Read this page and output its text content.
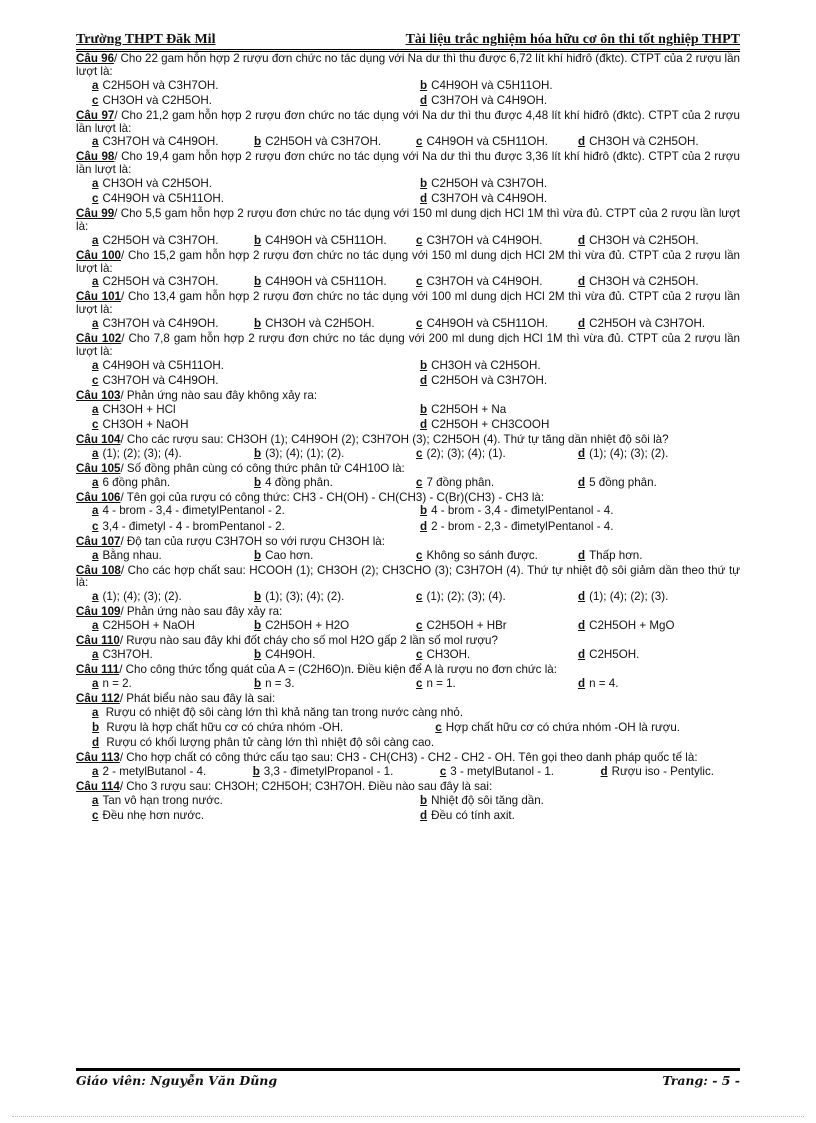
Trường THPT Đăk Mil	Tài liệu trắc nghiệm hóa hữu cơ ôn thi tốt nghiệp THPT
Câu 96/ Cho 22 gam hỗn hợp 2 rượu đơn chức no tác dụng với Na dư thì thu được 6,72 lít khí hiđrô (đktc). CTPT của 2 rượu lần lượt là:
a C2H5OH và C3H7OH.	b C4H9OH và C5H11OH.
c CH3OH và C2H5OH.	d C3H7OH và C4H9OH.
Câu 97/ Cho 21,2 gam hỗn hợp 2 rượu đơn chức no tác dụng với Na dư thì thu được 4,48 lít khí hiđrô (đktc). CTPT của 2 rượu lần lượt là:
a C3H7OH và C4H9OH.	b C2H5OH và C3H7OH.	c C4H9OH và C5H11OH.	d CH3OH và C2H5OH.
Câu 98/ Cho 19,4 gam hỗn hợp 2 rượu đơn chức no tác dụng với Na dư thì thu được 3,36 lít khí hiđrô (đktc). CTPT của 2 rượu lần lượt là:
a CH3OH và C2H5OH.	b C2H5OH và C3H7OH.
c C4H9OH và C5H11OH.	d C3H7OH và C4H9OH.
Câu 99/ Cho 5,5 gam hỗn hợp 2 rượu đơn chức no tác dụng với 150 ml dung dịch HCl 1M thì vừa đủ. CTPT của 2 rượu lần lượt là:
a C2H5OH và C3H7OH.	b C4H9OH và C5H11OH.	c C3H7OH và C4H9OH.	d CH3OH và C2H5OH.
Câu 100/ Cho 15,2 gam hỗn hợp 2 rượu đơn chức no tác dụng với 150 ml dung dịch HCl 2M thì vừa đủ. CTPT của 2 rượu lần lượt là:
a C2H5OH và C3H7OH.	b C4H9OH và C5H11OH.	c C3H7OH và C4H9OH.	d CH3OH và C2H5OH.
Câu 101/ Cho 13,4 gam hỗn hợp 2 rượu đơn chức no tác dụng với 100 ml dung dịch HCl 2M thì vừa đủ. CTPT của 2 rượu lần lượt là:
a C3H7OH và C4H9OH.	b CH3OH và C2H5OH.	c C4H9OH và C5H11OH.	d C2H5OH và C3H7OH.
Câu 102/ Cho 7,8 gam hỗn hợp 2 rượu đơn chức no tác dụng với 200 ml dung dịch HCl 1M thì vừa đủ. CTPT của 2 rượu lần lượt là:
a C4H9OH và C5H11OH.	b CH3OH và C2H5OH.
c C3H7OH và C4H9OH.	d C2H5OH và C3H7OH.
Câu 103/ Phản ứng nào sau đây không xảy ra:
a CH3OH + HCl	b C2H5OH + Na
c CH3OH + NaOH	d C2H5OH + CH3COOH
Câu 104/ Cho các rượu sau: CH3OH (1); C4H9OH (2); C3H7OH (3); C2H5OH (4). Thứ tự tăng dần nhiệt độ sôi là?
a (1); (2); (3); (4).	b (3); (4); (1); (2).	c (2); (3); (4); (1).	d (1); (4); (3); (2).
Câu 105/ Số đồng phân cùng có công thức phân tử C4H10O là:
a 6 đồng phân.	b 4 đồng phân.	c 7 đồng phân.	d 5 đồng phân.
Câu 106/ Tên gọi của rượu có công thức: CH3 - CH(OH) - CH(CH3) - C(Br)(CH3) - CH3 là:
a 4 - brom - 3,4 - đimetylPentanol - 2.	b 4 - brom - 3,4 - đimetylPentanol - 4.
c 3,4 - đimetyl - 4 - bromPentanol - 2.	d 2 - brom - 2,3 - đimetylPentanol - 4.
Câu 107/ Độ tan của rượu C3H7OH so với rượu CH3OH là:
a Bằng nhau.	b Cao hơn.	c Không so sánh được.	d Thấp hơn.
Câu 108/ Cho các hợp chất sau: HCOOH (1); CH3OH (2); CH3CHO (3); C3H7OH (4). Thứ tự nhiệt độ sôi giảm dần theo thứ tự là:
a (1); (4); (3); (2).	b (1); (3); (4); (2).	c (1); (2); (3); (4).	d (1); (4); (2); (3).
Câu 109/ Phản ứng nào sau đây xảy ra:
a C2H5OH + NaOH	b C2H5OH + H2O	c C2H5OH + HBr	d C2H5OH + MgO
Câu 110/ Rượu nào sau đây khi đốt cháy cho số mol H2O gấp 2 lần số mol rượu?
a C3H7OH.	b C4H9OH.	c CH3OH.	d C2H5OH.
Câu 111/ Cho công thức tổng quát của A = (C2H6O)n. Điều kiện để A là rượu no đơn chức là:
a n = 2.	b n = 3.	c n = 1.	d n = 4.
Câu 112/ Phát biểu nào sau đây là sai:
a Rượu có nhiệt độ sôi càng lớn thì khả năng tan trong nước càng nhỏ.
b Rượu là hợp chất hữu cơ có chứa nhóm -OH.	c Hợp chất hữu cơ có chứa nhóm -OH là rượu.
d Rượu có khối lượng phân tử càng lớn thì nhiệt độ sôi càng cao.
Câu 113/ Cho hợp chất có công thức cấu tạo sau: CH3 - CH(CH3) - CH2 - CH2 - OH. Tên gọi theo danh pháp quốc tế là:
a 2 - metylButanol - 4.	b 3,3 - đimetylPropanol - 1.	c 3 - metylButanol - 1.	d Rượu iso - Pentylic.
Câu 114/ Cho 3 rượu sau: CH3OH; C2H5OH; C3H7OH. Điều nào sau đây là sai:
a Tan vô hạn trong nước.	b Nhiệt độ sôi tăng dần.
c Đều nhẹ hơn nước.	d Đều có tính axit.
Giáo viên: Nguyễn Văn Dũng	Trang: - 5 -
